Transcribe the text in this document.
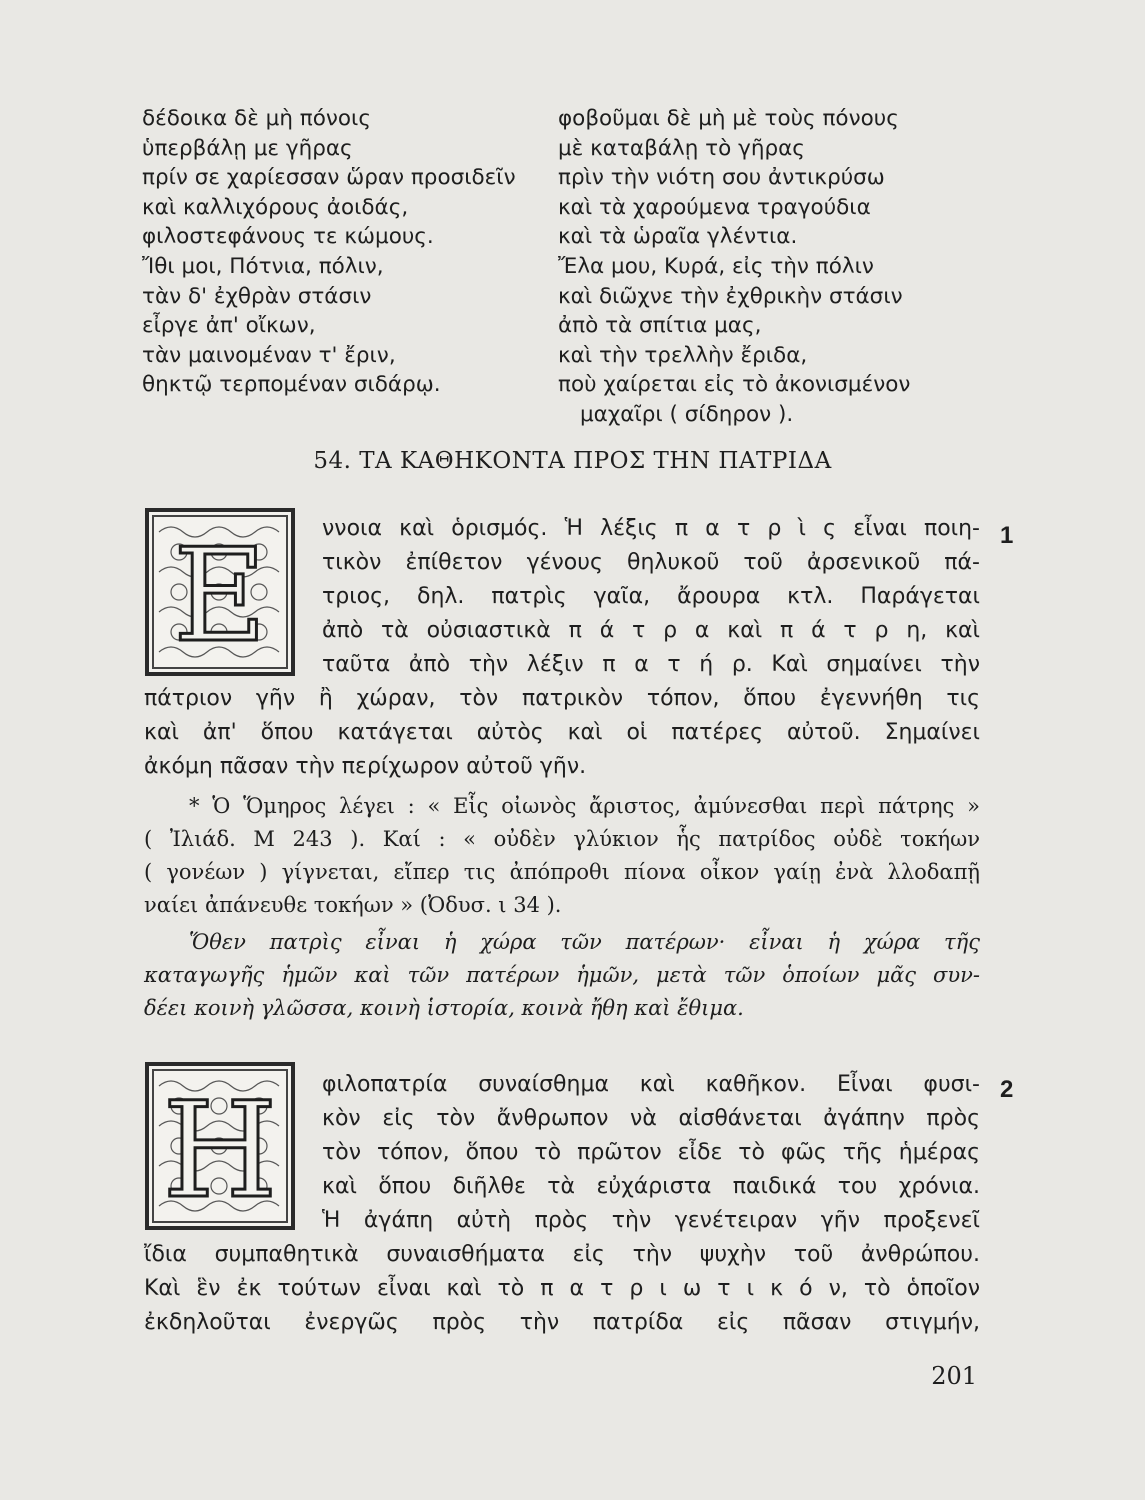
δέδοικα δὲ μὴ πόνοις
ὑπερβάλῃ με γῆρας
πρίν σε χαρίεσσαν ὥραν προσιδεῖν
καὶ καλλιχόρους ἀοιδάς,
φιλοστεφάνους τε κώμους.
Ἴθι μοι, Πότνια, πόλιν,
τὰν δ' ἐχθρὰν στάσιν
εἶργε ἀπ' οἴκων,
τὰν μαινομέναν τ' ἔριν,
θηκτῷ τερπομέναν σιδάρῳ.
φοβοῦμαι δὲ μὴ μὲ τοὺς πόνους
μὲ καταβάλῃ τὸ γῆρας
πρὶν τὴν νιότη σου ἀντικρύσω
καὶ τὰ χαρούμενα τραγούδια
καὶ τὰ ὡραῖα γλέντια.
Ἔλα μου, Κυρά, εἰς τὴν πόλιν
καὶ διῶχνε τὴν ἐχθρικὴν στάσιν
ἀπὸ τὰ σπίτια μας,
καὶ τὴν τρελλὴν ἔριδα,
ποὺ χαίρεται εἰς τὸ ἀκονισμένον
μαχαῖρι ( σίδηρον ).
54. ΤΑ ΚΑΘΗΚΟΝΤΑ ΠΡΟΣ ΤΗΝ ΠΑΤΡΙΔΑ
E	ννοια καὶ ὁρισμός. Ἡ λέξις π α τ ρ ὶ ς εἶναι ποιη-
τικὸν ἐπίθετον γένους θηλυκοῦ τοῦ ἀρσενικοῦ πά-
τριος, δηλ. πατρὶς γαῖα, ἄρουρα κτλ. Παράγεται
ἀπὸ τὰ οὐσιαστικὰ π ά τ ρ α καὶ π ά τ ρ η, καὶ
ταῦτα ἀπὸ τὴν λέξιν π α τ ή ρ. Καὶ σημαίνει τὴν
πάτριον γῆν ἢ χώραν, τὸν πατρικὸν τόπον, ὅπου ἐγεννήθη τις
καὶ ἀπ' ὅπου κατάγεται αὐτὸς καὶ οἱ πατέρες αὐτοῦ. Σημαίνει
ἀκόμη πᾶσαν τὴν περίχωρον αὐτοῦ γῆν.
1
* Ὁ Ὅμηρος λέγει : « Εἷς οἰωνὸς ἄριστος, ἀμύνεσθαι περὶ πάτρης »
( Ἰλιάδ. Μ 243 ). Καί : « οὐδὲν γλύκιον ἧς πατρίδος οὐδὲ τοκήων
( γονέων ) γίγνεται, εἴπερ τις ἀπόπροθι πίονα οἶκον γαίῃ ἐνὰ λλοδαπῇ
ναίει ἀπάνευθε τοκήων » (Ὀδυσ. ι 34 ).
Ὅθεν πατρὶς εἶναι ἡ χώρα τῶν πατέρων· εἶναι ἡ χώρα τῆς
καταγωγῆς ἡμῶν καὶ τῶν πατέρων ἡμῶν, μετὰ τῶν ὁποίων μᾶς συν-
δέει κοινὴ γλῶσσα, κοινὴ ἱστορία, κοινὰ ἤθη καὶ ἔθιμα.
H	φιλοπατρία συναίσθημα καὶ καθῆκον. Εἶναι φυσι-
κὸν εἰς τὸν ἄνθρωπον νὰ αἰσθάνεται ἀγάπην πρὸς
τὸν τόπον, ὅπου τὸ πρῶτον εἶδε τὸ φῶς τῆς ἡμέρας
καὶ ὅπου διῆλθε τὰ εὐχάριστα παιδικά του χρόνια.
Ἡ ἀγάπη αὐτὴ πρὸς τὴν γενέτειραν γῆν προξενεῖ
ἴδια συμπαθητικὰ συναισθήματα εἰς τὴν ψυχὴν τοῦ ἀνθρώπου.
Καὶ ἓν ἐκ τούτων εἶναι καὶ τὸ π α τ ρ ι ω τ ι κ ό ν, τὸ ὁποῖον
ἐκδηλοῦται ἐνεργῶς πρὸς τὴν πατρίδα εἰς πᾶσαν στιγμήν,
2
201
